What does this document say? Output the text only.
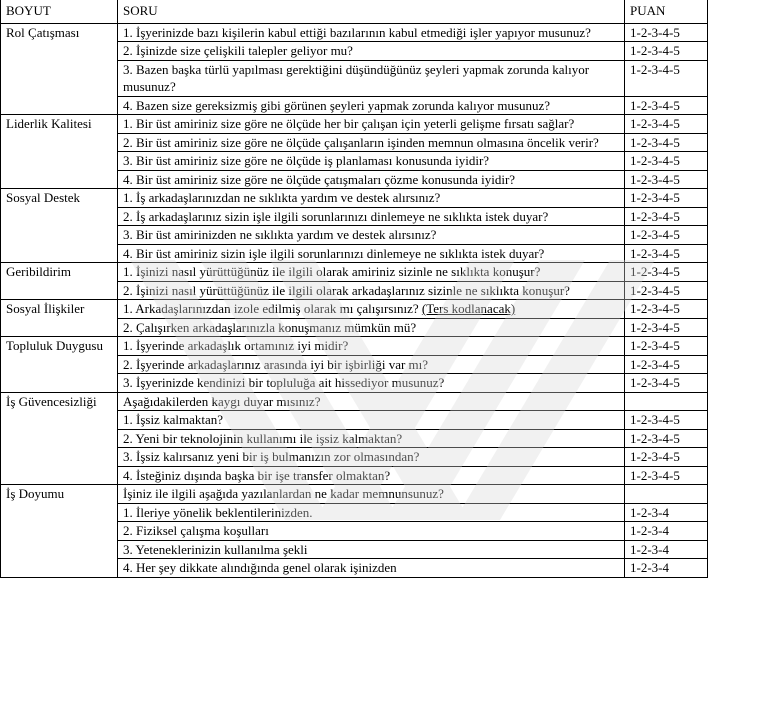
BOYUT	SORU	PUAN
Rol Çatışması	1. İşyerinizde bazı kişilerin kabul ettiği bazılarının kabul etmediği işler yapıyor musunuz?	1-2-3-4-5
	2. İşinizde size çelişkili talepler geliyor mu?	1-2-3-4-5
	3. Bazen başka türlü yapılması gerektiğini düşündüğünüz şeyleri yapmak zorunda kalıyor musunuz?	1-2-3-4-5
	4. Bazen size gereksizmiş gibi görünen şeyleri yapmak zorunda kalıyor musunuz?	1-2-3-4-5
Liderlik Kalitesi	1. Bir üst amiriniz size göre ne ölçüde her bir çalışan için yeterli gelişme fırsatı sağlar?	1-2-3-4-5
	2. Bir üst amiriniz size göre ne ölçüde çalışanların işinden memnun olmasına öncelik verir?	1-2-3-4-5
	3. Bir üst amiriniz size göre ne ölçüde iş planlaması konusunda iyidir?	1-2-3-4-5
	4. Bir üst amiriniz size göre ne ölçüde çatışmaları çözme konusunda iyidir?	1-2-3-4-5
Sosyal Destek	1. İş arkadaşlarınızdan ne sıklıkta yardım ve destek alırsınız?	1-2-3-4-5
	2. İş arkadaşlarınız sizin işle ilgili sorunlarınızı dinlemeye ne sıklıkta istek duyar?	1-2-3-4-5
	3. Bir üst amirinizden ne sıklıkta yardım ve destek alırsınız?	1-2-3-4-5
	4. Bir üst amiriniz sizin işle ilgili sorunlarınızı dinlemeye ne sıklıkta istek duyar?	1-2-3-4-5
Geribildirim	1. İşinizi nasıl yürüttüğünüz ile ilgili olarak amiriniz sizinle ne sıklıkta konuşur?	1-2-3-4-5
	2. İşinizi nasıl yürüttüğünüz ile ilgili olarak arkadaşlarınız sizinle ne sıklıkta konuşur?	1-2-3-4-5
Sosyal İlişkiler	1. Arkadaşlarınızdan izole edilmiş olarak mı çalışırsınız? (Ters kodlanacak)	1-2-3-4-5
	2. Çalışırken arkadaşlarınızla konuşmanız mümkün mü?	1-2-3-4-5
Topluluk Duygusu	1. İşyerinde arkadaşlık ortamınız iyi midir?	1-2-3-4-5
	2. İşyerinde arkadaşlarınız arasında iyi bir işbirliği var mı?	1-2-3-4-5
	3. İşyerinizde kendinizi bir topluluğa ait hissediyor musunuz?	1-2-3-4-5
İş Güvencesizliği	Aşağıdakilerden kaygı duyar mısınız?	
	1. İşsiz kalmaktan?	1-2-3-4-5
	2. Yeni bir teknolojinin kullanımı ile işsiz kalmaktan?	1-2-3-4-5
	3. İşsiz kalırsanız yeni bir iş bulmanızın zor olmasından?	1-2-3-4-5
	4. İsteğiniz dışında başka bir işe transfer olmaktan?	1-2-3-4-5
İş Doyumu	İşiniz ile ilgili aşağıda yazılanlardan ne kadar memnunsunuz?	
	1. İleriye yönelik beklentilerinizden.	1-2-3-4
	2. Fiziksel çalışma koşulları	1-2-3-4
	3. Yeteneklerinizin kullanılma şekli	1-2-3-4
	4. Her şey dikkate alındığında genel olarak işinizden	1-2-3-4
